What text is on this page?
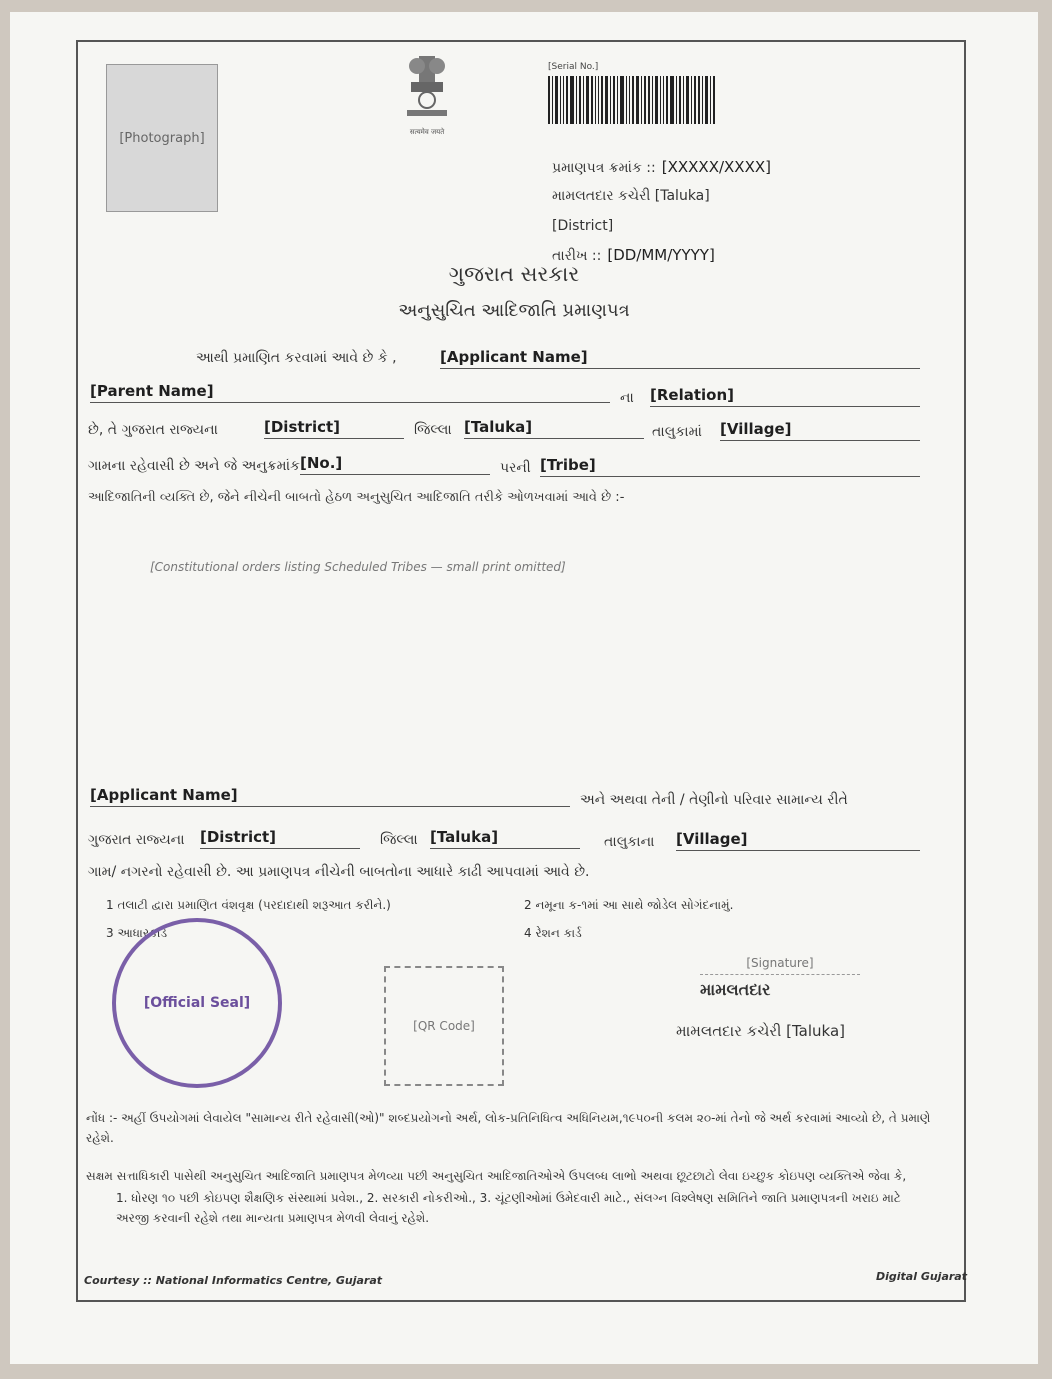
[Photograph]	सत्यमेव जयते
[Serial No.]
પ્રમાણપત્ર ક્રમાંક :: [XXXXX/XXXX]
મામલતદાર કચેરી [Taluka]
[District]
તારીખ :: [DD/MM/YYYY]
ગુજરાત સરકાર
અનુસુચિત આદિજાતિ પ્રમાણપત્ર
આથી પ્રમાણિત કરવામાં આવે છે કે ,	[Applicant Name]
[Parent Name]	ના [Relation]
છે, તે ગુજરાત રાજ્યના	[District]	જિલ્લા [Taluka]	તાલુકામાં [Village]
ગામના રહેવાસી છે અને જે અનુક્રમાંક [No.]	પરની [Tribe]
આદિજાતિની વ્યક્તિ છે, જેને નીચેની બાબતો હેઠળ અનુસુચિત આદિજાતિ તરીકે ઓળખવામાં આવે છે :-
[Constitutional orders listing Scheduled Tribes — small print omitted]
[Applicant Name]	અને અથવા તેની / તેણીનો પરિવાર સામાન્ય રીતે
ગુજરાત રાજ્યના [District]	જિલ્લા [Taluka]	તાલુકાના [Village]
ગામ/ નગરનો રહેવાસી છે. આ પ્રમાણપત્ર નીચેની બાબતોના આધારે કાઢી આપવામાં આવે છે.
1 તલાટી દ્વારા પ્રમાણિત વંશવૃક્ષ (પરદાદાથી શરૂઆત કરીને.)	2 નમૂના ક-૧માં આ સાથે જોડેલ સોગંદનામું.
3 આધારકાર્ડ	4 રેશન કાર્ડ
[Official Seal]
[QR Code]
[Signature]
મામલતદાર
મામલતદાર કચેરી [Taluka]
નોંધ :- અહીં ઉપયોગમાં લેવાયેલ "સામાન્ય રીતે રહેવાસી(ઓ)" શબ્દપ્રયોગનો અર્થ, લોક-પ્રતિનિધિત્વ અધિનિયમ,૧૯૫૦ની કલમ ૨૦-માં તેનો જે અર્થ કરવામાં આવ્યો છે, તે પ્રમાણે રહેશે.
સક્ષમ સત્તાધિકારી પાસેથી અનુસુચિત આદિજાતિ પ્રમાણપત્ર મેળવ્યા પછી અનુસુચિત આદિજાતિઓએ ઉપલબ્ધ લાભો અથવા છૂટછાટો લેવા ઇચ્છુક કોઇપણ વ્યક્તિએ જેવા કે,
1. ધોરણ ૧૦ પછી કોઇપણ શૈક્ષણિક સંસ્થામાં પ્રવેશ., 2. સરકારી નોકરીઓ., 3. ચૂંટણીઓમાં ઉમેદવારી માટે., સંલગ્ન વિશ્લેષણ સમિતિને જાતિ પ્રમાણપત્રની ખરાઇ માટે અરજી કરવાની રહેશે તથા માન્યતા પ્રમાણપત્ર મેળવી લેવાનું રહેશે.
Courtesy :: National Informatics Centre, Gujarat	Digital Gujarat
